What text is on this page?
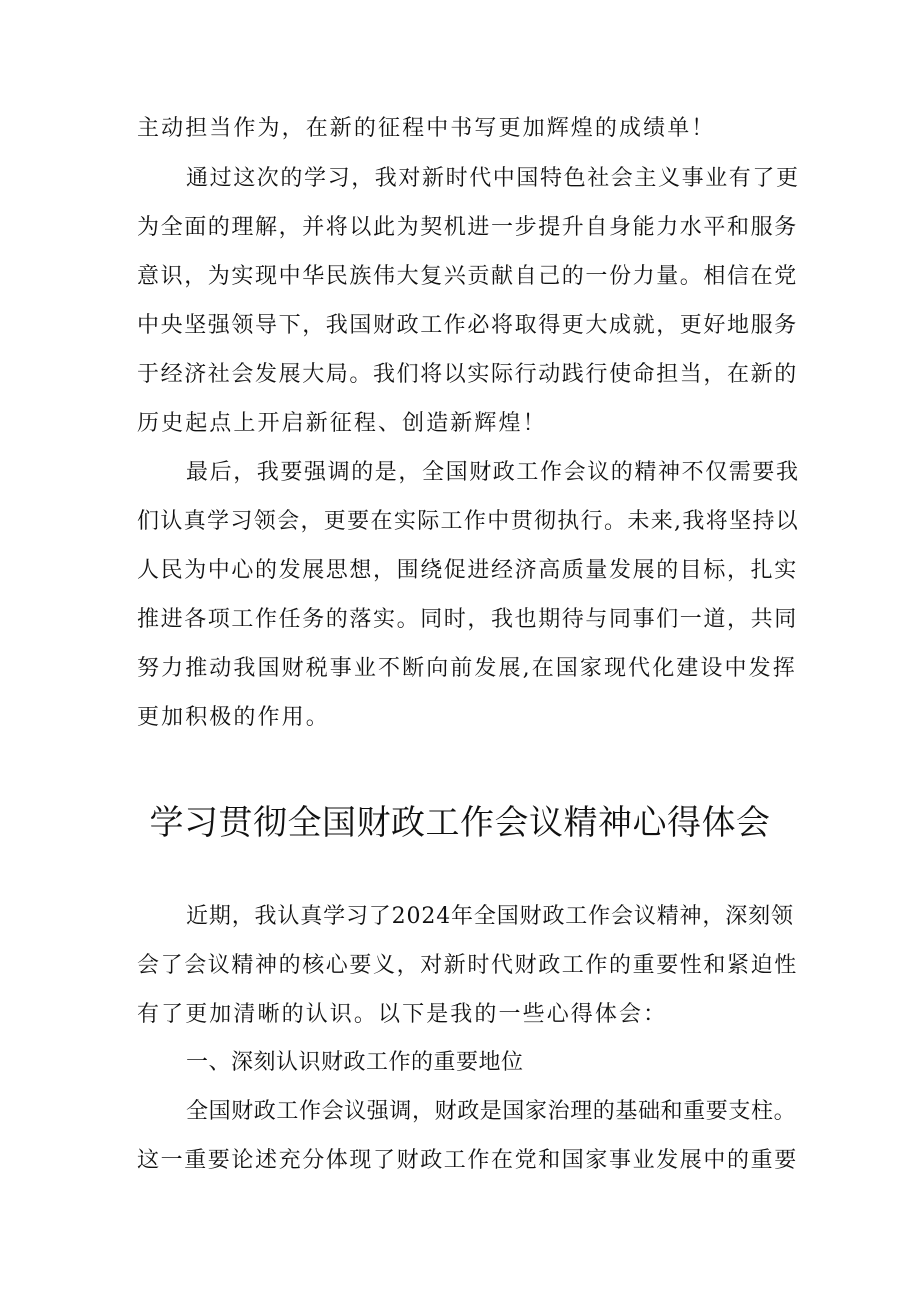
主动担当作为，在新的征程中书写更加辉煌的成绩单！
通过这次的学习，我对新时代中国特色社会主义事业有了更
为全面的理解，并将以此为契机进一步提升自身能力水平和服务
意识，为实现中华民族伟大复兴贡献自己的一份力量。相信在党
中央坚强领导下，我国财政工作必将取得更大成就，更好地服务
于经济社会发展大局。我们将以实际行动践行使命担当，在新的
历史起点上开启新征程、创造新辉煌！
最后，我要强调的是，全国财政工作会议的精神不仅需要我
们认真学习领会，更要在实际工作中贯彻执行。未来,我将坚持以
人民为中心的发展思想，围绕促进经济高质量发展的目标，扎实
推进各项工作任务的落实。同时，我也期待与同事们一道，共同
努力推动我国财税事业不断向前发展,在国家现代化建设中发挥
更加积极的作用。
学习贯彻全国财政工作会议精神心得体会
近期，我认真学习了2024年全国财政工作会议精神，深刻领
会了会议精神的核心要义，对新时代财政工作的重要性和紧迫性
有了更加清晰的认识。以下是我的一些心得体会：
一、深刻认识财政工作的重要地位
全国财政工作会议强调，财政是国家治理的基础和重要支柱。
这一重要论述充分体现了财政工作在党和国家事业发展中的重要
